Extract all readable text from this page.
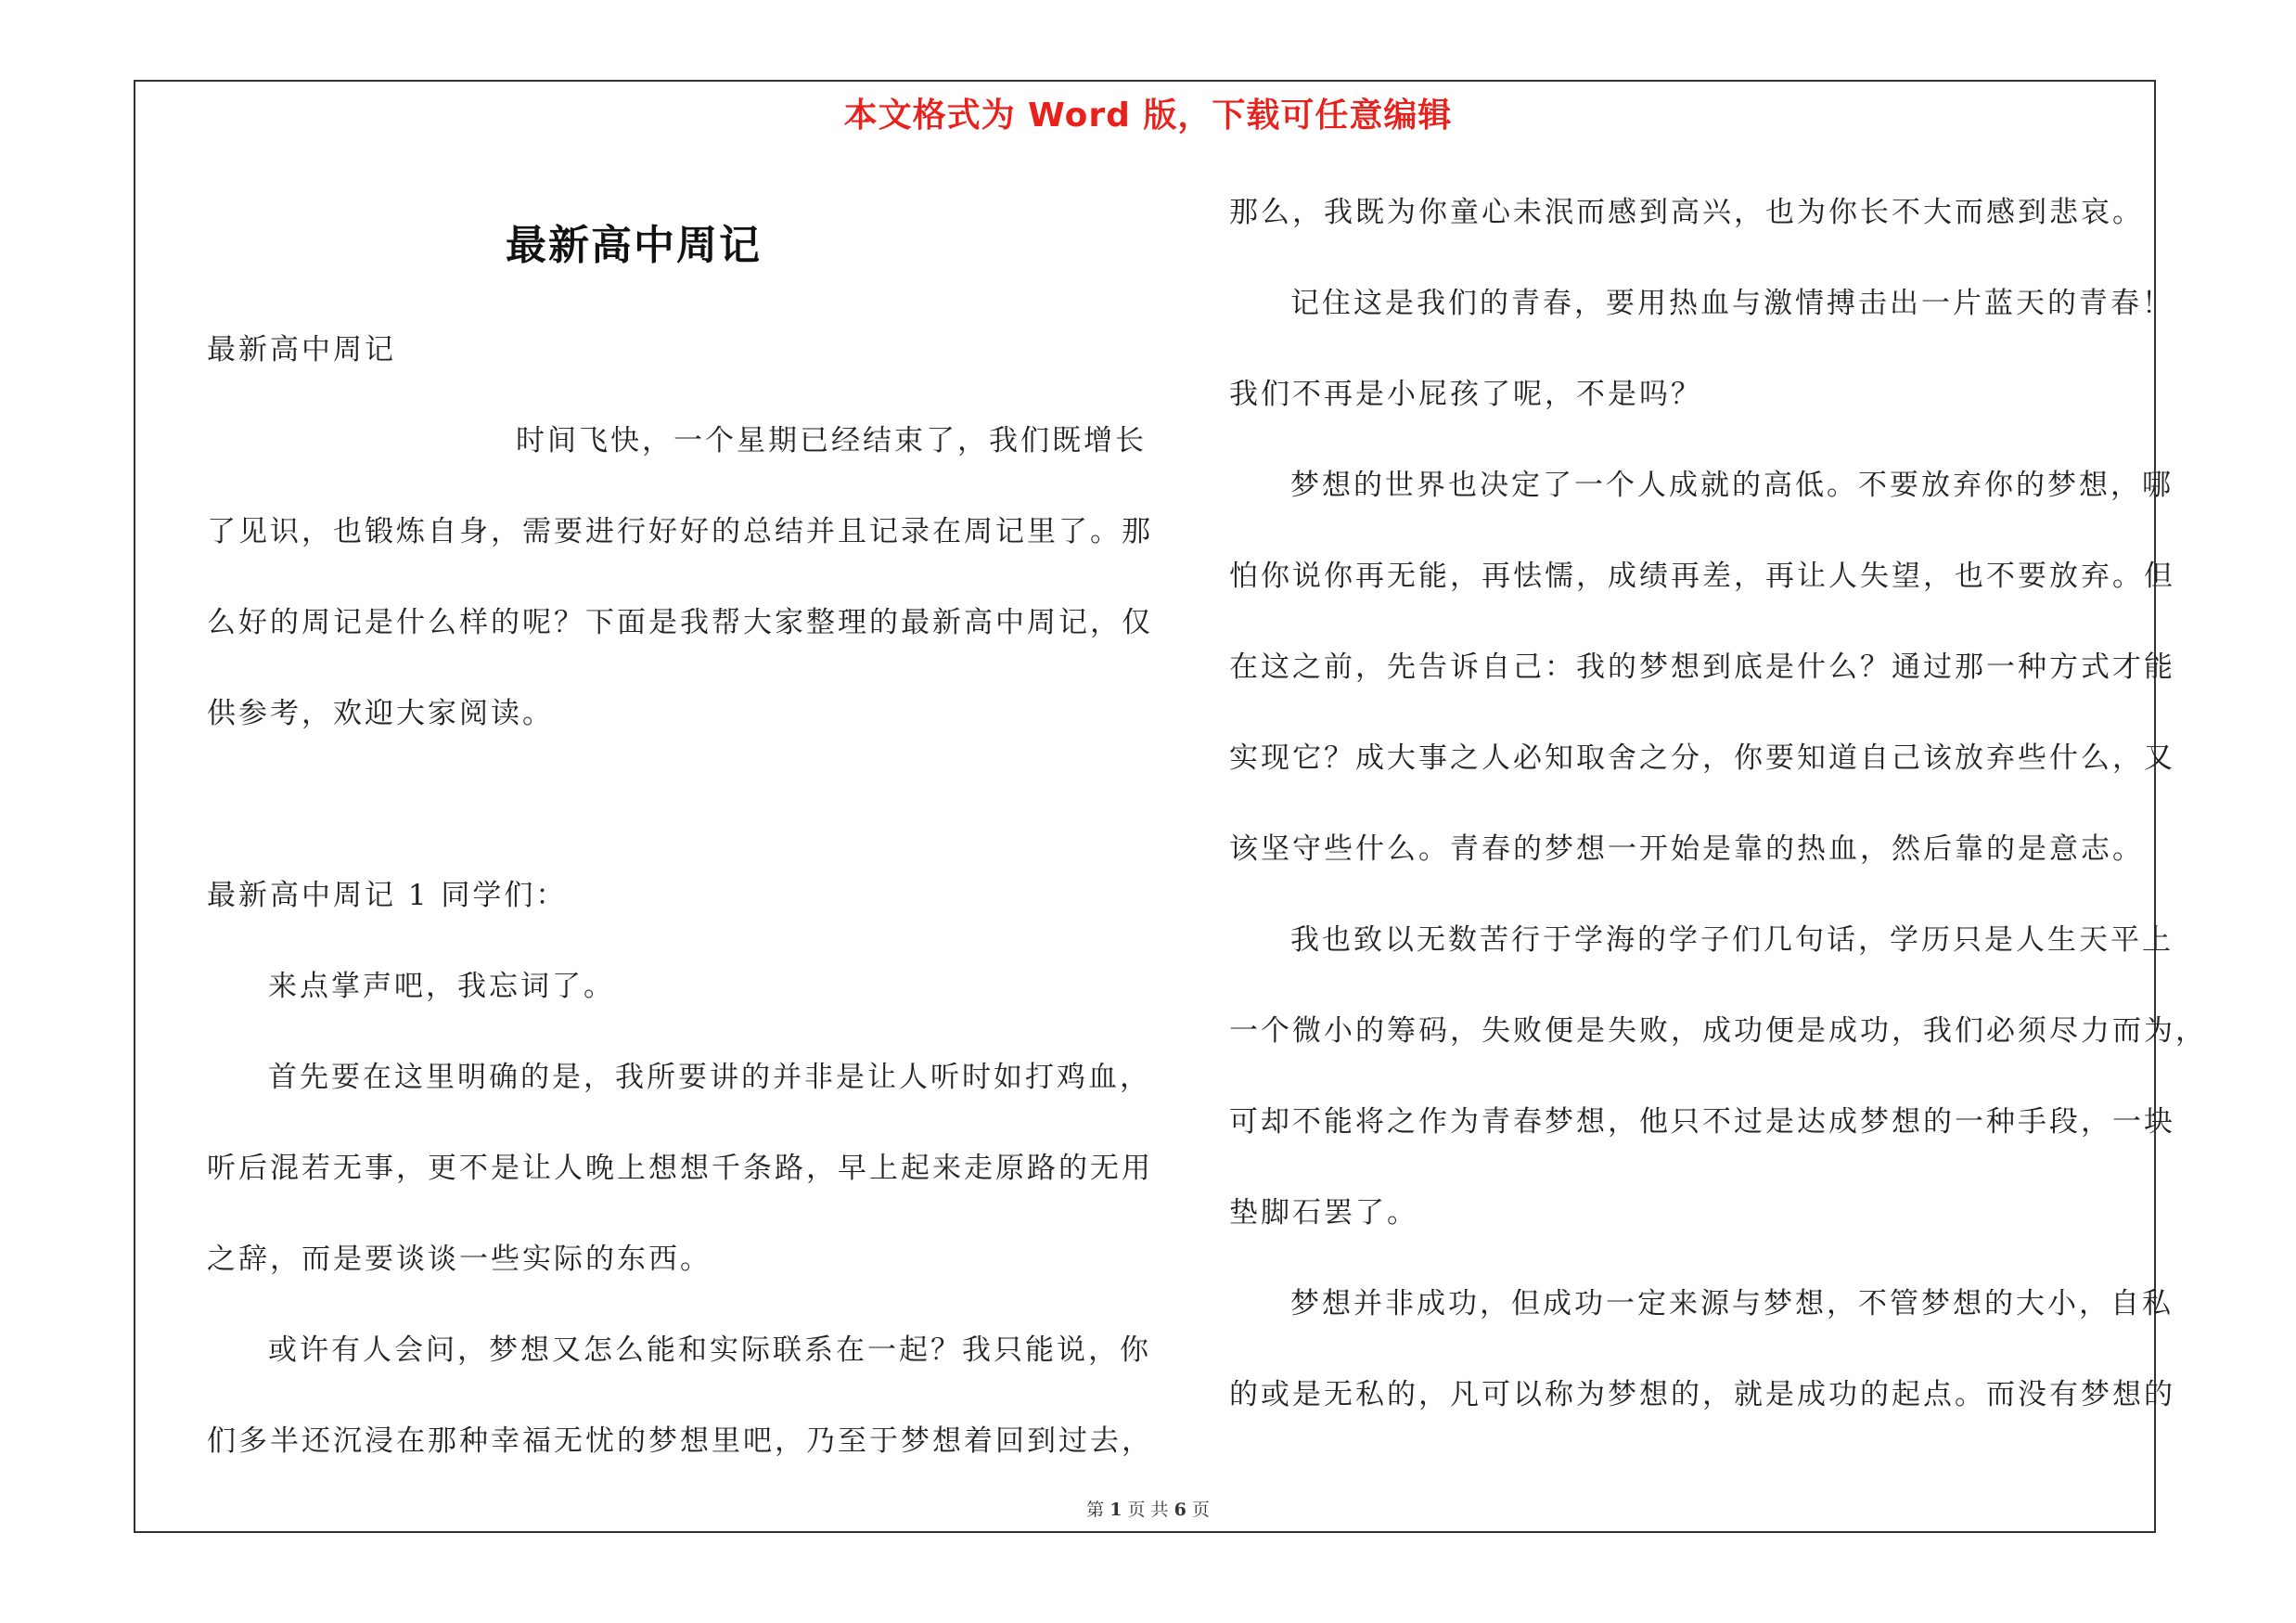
本文格式为 Word 版，下载可任意编辑
最新高中周记
最新高中周记
时间飞快，一个星期已经结束了，我们既增长
了见识，也锻炼自身，需要进行好好的总结并且记录在周记里了。那
么好的周记是什么样的呢？下面是我帮大家整理的最新高中周记，仅
供参考，欢迎大家阅读。
最新高中周记 1 同学们：
来点掌声吧，我忘词了。
首先要在这里明确的是，我所要讲的并非是让人听时如打鸡血，
听后混若无事，更不是让人晚上想想千条路，早上起来走原路的无用
之辞，而是要谈谈一些实际的东西。
或许有人会问，梦想又怎么能和实际联系在一起？我只能说，你
们多半还沉浸在那种幸福无忧的梦想里吧，乃至于梦想着回到过去，
那么，我既为你童心未泯而感到高兴，也为你长不大而感到悲哀。
记住这是我们的青春，要用热血与激情搏击出一片蓝天的青春！
我们不再是小屁孩了呢，不是吗？
梦想的世界也决定了一个人成就的高低。不要放弃你的梦想，哪
怕你说你再无能，再怯懦，成绩再差，再让人失望，也不要放弃。但
在这之前，先告诉自己：我的梦想到底是什么？通过那一种方式才能
实现它？成大事之人必知取舍之分，你要知道自己该放弃些什么，又
该坚守些什么。青春的梦想一开始是靠的热血，然后靠的是意志。
我也致以无数苦行于学海的学子们几句话，学历只是人生天平上
一个微小的筹码，失败便是失败，成功便是成功，我们必须尽力而为，
可却不能将之作为青春梦想，他只不过是达成梦想的一种手段，一块
垫脚石罢了。
梦想并非成功，但成功一定来源与梦想，不管梦想的大小，自私
的或是无私的，凡可以称为梦想的，就是成功的起点。而没有梦想的
第 1 页 共 6 页
